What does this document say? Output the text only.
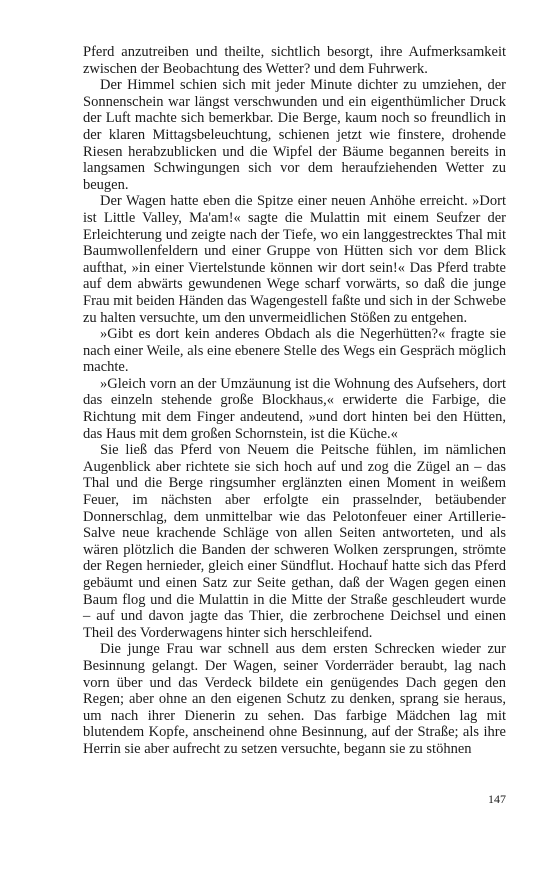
Pferd anzutreiben und theilte, sichtlich besorgt, ihre Aufmerksamkeit zwischen der Beobachtung des Wetter? und dem Fuhrwerk.

Der Himmel schien sich mit jeder Minute dichter zu umziehen, der Sonnenschein war längst verschwunden und ein eigenthümlicher Druck der Luft machte sich bemerkbar. Die Berge, kaum noch so freundlich in der klaren Mittagsbeleuchtung, schienen jetzt wie finstere, drohende Riesen herabzublicken und die Wipfel der Bäume begannen bereits in langsamen Schwingungen sich vor dem heraufziehenden Wetter zu beugen.

Der Wagen hatte eben die Spitze einer neuen Anhöhe erreicht. »Dort ist Little Valley, Ma'am!« sagte die Mulattin mit einem Seufzer der Erleichterung und zeigte nach der Tiefe, wo ein langgestrecktes Thal mit Baumwollenfeldern und einer Gruppe von Hütten sich vor dem Blick aufthat, »in einer Viertelstunde können wir dort sein!« Das Pferd trabte auf dem abwärts gewundenen Wege scharf vorwärts, so daß die junge Frau mit beiden Händen das Wagengestell faßte und sich in der Schwebe zu halten versuchte, um den unvermeidlichen Stößen zu entgehen.

»Gibt es dort kein anderes Obdach als die Negerhütten?« fragte sie nach einer Weile, als eine ebenere Stelle des Wegs ein Gespräch möglich machte.

»Gleich vorn an der Umzäunung ist die Wohnung des Aufsehers, dort das einzeln stehende große Blockhaus,« erwiderte die Farbige, die Richtung mit dem Finger andeutend, »und dort hinten bei den Hütten, das Haus mit dem großen Schornstein, ist die Küche.«

Sie ließ das Pferd von Neuem die Peitsche fühlen, im nämlichen Augenblick aber richtete sie sich hoch auf und zog die Zügel an – das Thal und die Berge ringsumher erglänzten einen Moment in weißem Feuer, im nächsten aber erfolgte ein prasselnder, betäubender Donnerschlag, dem unmittelbar wie das Pelotonfeuer einer Artillerie-Salve neue krachende Schläge von allen Seiten antworteten, und als wären plötzlich die Banden der schweren Wolken zersprungen, strömte der Regen hernieder, gleich einer Sündflut. Hochauf hatte sich das Pferd gebäumt und einen Satz zur Seite gethan, daß der Wagen gegen einen Baum flog und die Mulattin in die Mitte der Straße geschleudert wurde – auf und davon jagte das Thier, die zerbrochene Deichsel und einen Theil des Vorderwagens hinter sich herschleifend.

Die junge Frau war schnell aus dem ersten Schrecken wieder zur Besinnung gelangt. Der Wagen, seiner Vorderräder beraubt, lag nach vorn über und das Verdeck bildete ein genügendes Dach gegen den Regen; aber ohne an den eigenen Schutz zu denken, sprang sie heraus, um nach ihrer Dienerin zu sehen. Das farbige Mädchen lag mit blutendem Kopfe, anscheinend ohne Besinnung, auf der Straße; als ihre Herrin sie aber aufrecht zu setzen versuchte, begann sie zu stöhnen

147
